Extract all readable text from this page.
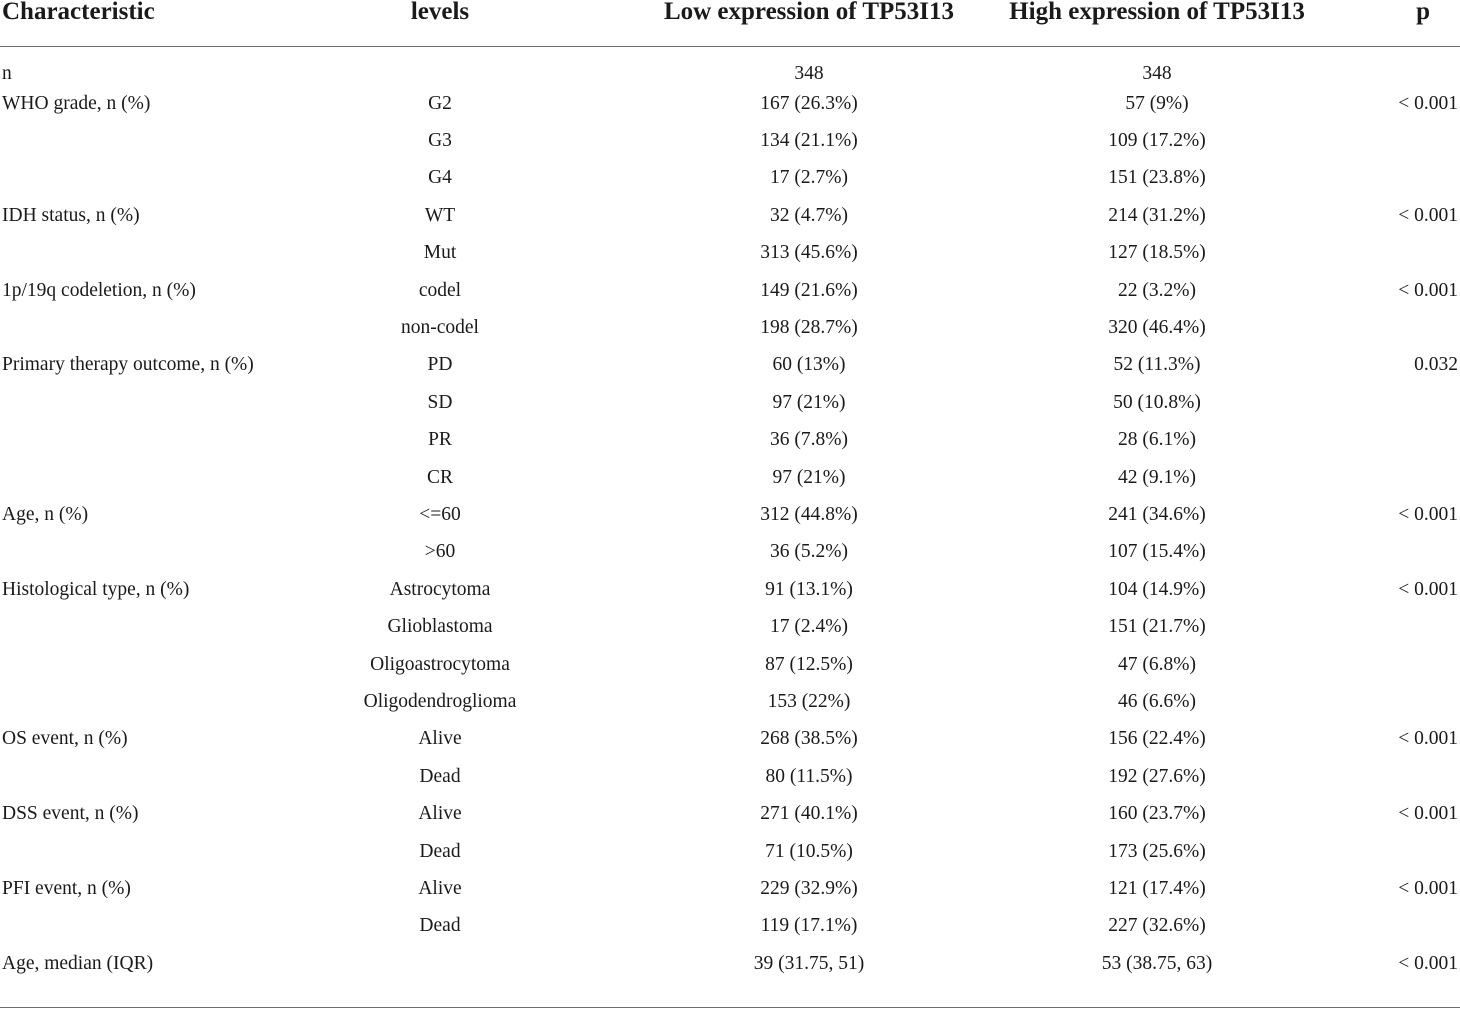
Characteristic	levels	Low expression of TP53I13	High expression of TP53I13	p
n		348	348	
WHO grade, n (%)	G2	167 (26.3%)	57 (9%)	< 0.001
	G3	134 (21.1%)	109 (17.2%)	
	G4	17 (2.7%)	151 (23.8%)	
IDH status, n (%)	WT	32 (4.7%)	214 (31.2%)	< 0.001
	Mut	313 (45.6%)	127 (18.5%)	
1p/19q codeletion, n (%)	codel	149 (21.6%)	22 (3.2%)	< 0.001
	non-codel	198 (28.7%)	320 (46.4%)	
Primary therapy outcome, n (%)	PD	60 (13%)	52 (11.3%)	0.032
	SD	97 (21%)	50 (10.8%)	
	PR	36 (7.8%)	28 (6.1%)	
	CR	97 (21%)	42 (9.1%)	
Age, n (%)	<=60	312 (44.8%)	241 (34.6%)	< 0.001
	>60	36 (5.2%)	107 (15.4%)	
Histological type, n (%)	Astrocytoma	91 (13.1%)	104 (14.9%)	< 0.001
	Glioblastoma	17 (2.4%)	151 (21.7%)	
	Oligoastrocytoma	87 (12.5%)	47 (6.8%)	
	Oligodendroglioma	153 (22%)	46 (6.6%)	
OS event, n (%)	Alive	268 (38.5%)	156 (22.4%)	< 0.001
	Dead	80 (11.5%)	192 (27.6%)	
DSS event, n (%)	Alive	271 (40.1%)	160 (23.7%)	< 0.001
	Dead	71 (10.5%)	173 (25.6%)	
PFI event, n (%)	Alive	229 (32.9%)	121 (17.4%)	< 0.001
	Dead	119 (17.1%)	227 (32.6%)	
Age, median (IQR)		39 (31.75, 51)	53 (38.75, 63)	< 0.001
